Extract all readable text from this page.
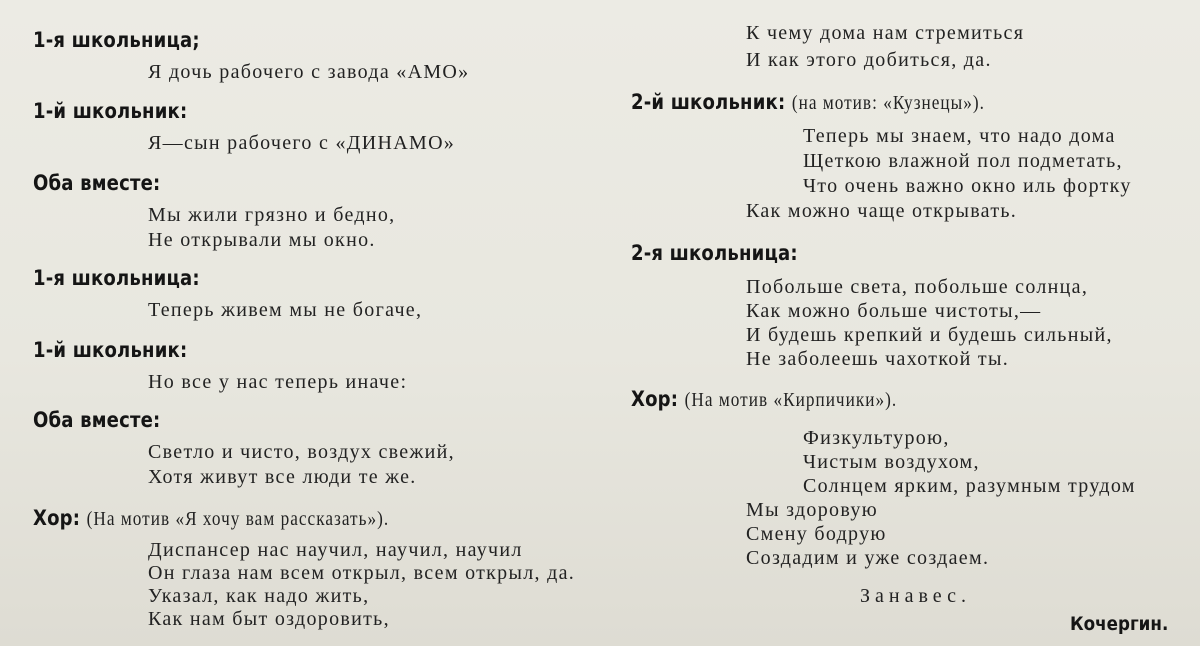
1-я школьница;
Я дочь рабочего с завода «АМО»
1-й школьник:
Я—сын рабочего с «ДИНАМО»
Оба вместе:
Мы жили грязно и бедно,
Не открывали мы окно.
1-я школьница:
Теперь живем мы не богаче,
1-й школьник:
Но все у нас теперь иначе:
Оба вместе:
Светло и чисто, воздух свежий,
Хотя живут все люди те же.
Хор: (На мотив «Я хочу вам рассказать»).
Диспансер нас научил, научил, научил
Он глаза нам всем открыл, всем открыл, да.
Указал, как надо жить,
Как нам быт оздоровить,
К чему дома нам стремиться
И как этого добиться, да.
2-й школьник: (на мотив: «Кузнецы»).
Теперь мы знаем, что надо дома
Щеткою влажной пол подметать,
Что очень важно окно иль фортку
Как можно чаще открывать.
2-я школьница:
Побольше света, побольше солнца,
Как можно больше чистоты,—
И будешь крепкий и будешь сильный,
Не заболеешь чахоткой ты.
Хор: (На мотив «Кирпичики»).
Физкультурою,
Чистым воздухом,
Солнцем ярким, разумным трудом
Мы здоровую
Смену бодрую
Создадим и уже создаем.
Занавес.
Кочергин.
